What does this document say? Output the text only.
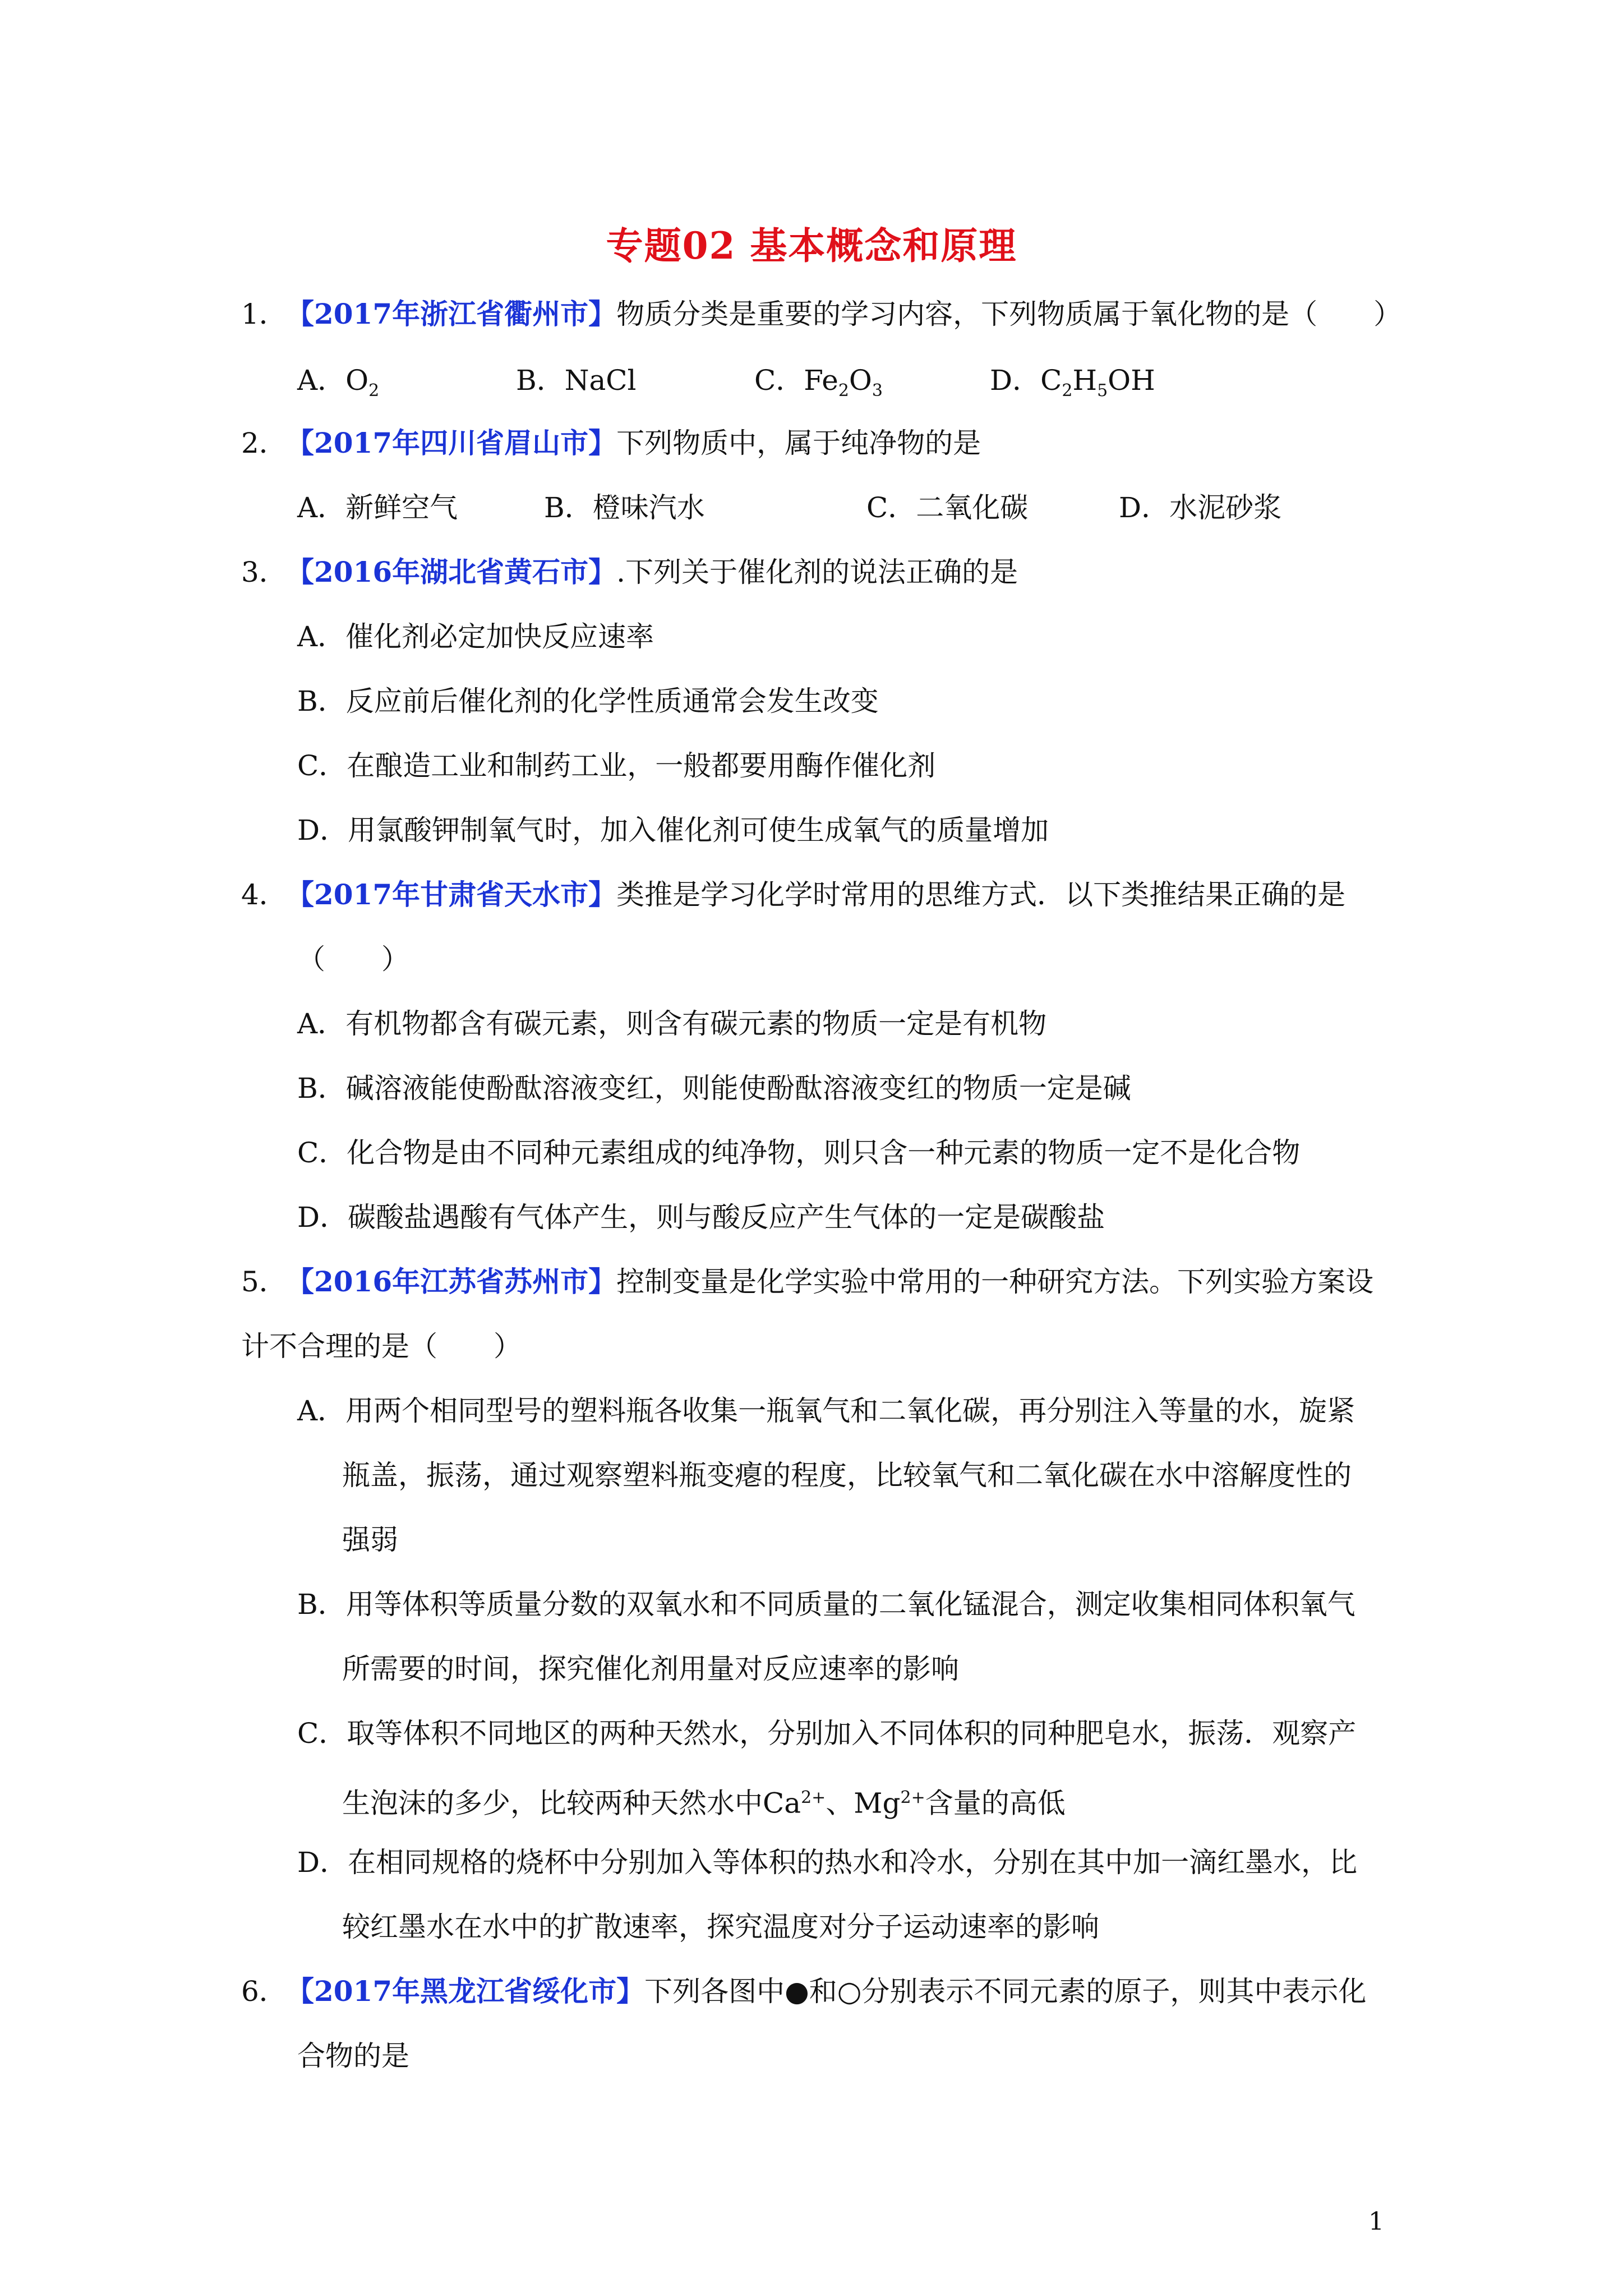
专题02 基本概念和原理
1．【2017年浙江省衢州市】物质分类是重要的学习内容，下列物质属于氧化物的是（　　）
A．$O_2$	B．NaCl	C．$Fe_2O_3$	D．$C_2H_5OH$
2．【2017年四川省眉山市】下列物质中，属于纯净物的是
A．新鲜空气	B．橙味汽水	C．二氧化碳	D．水泥砂浆
3．【2016年湖北省黄石市】.下列关于催化剂的说法正确的是
A．催化剂必定加快反应速率
B．反应前后催化剂的化学性质通常会发生改变
C．在酿造工业和制药工业，一般都要用酶作催化剂
D．用氯酸钾制氧气时，加入催化剂可使生成氧气的质量增加
4．【2017年甘肃省天水市】类推是学习化学时常用的思维方式．以下类推结果正确的是
（　　）
A．有机物都含有碳元素，则含有碳元素的物质一定是有机物
B．碱溶液能使酚酞溶液变红，则能使酚酞溶液变红的物质一定是碱
C．化合物是由不同种元素组成的纯净物，则只含一种元素的物质一定不是化合物
D．碳酸盐遇酸有气体产生，则与酸反应产生气体的一定是碳酸盐
5．【2016年江苏省苏州市】控制变量是化学实验中常用的一种研究方法。下列实验方案设
计不合理的是（　　）
A．用两个相同型号的塑料瓶各收集一瓶氧气和二氧化碳，再分别注入等量的水，旋紧
瓶盖，振荡，通过观察塑料瓶变瘪的程度，比较氧气和二氧化碳在水中溶解度性的
强弱
B．用等体积等质量分数的双氧水和不同质量的二氧化锰混合，测定收集相同体积氧气
所需要的时间，探究催化剂用量对反应速率的影响
C．取等体积不同地区的两种天然水，分别加入不同体积的同种肥皂水，振荡．观察产
生泡沫的多少，比较两种天然水中$Ca^{2+}$、$Mg^{2+}$含量的高低
D．在相同规格的烧杯中分别加入等体积的热水和冷水，分别在其中加一滴红墨水，比
较红墨水在水中的扩散速率，探究温度对分子运动速率的影响
6．【2017年黑龙江省绥化市】下列各图中●和○分别表示不同元素的原子，则其中表示化
合物的是
1
